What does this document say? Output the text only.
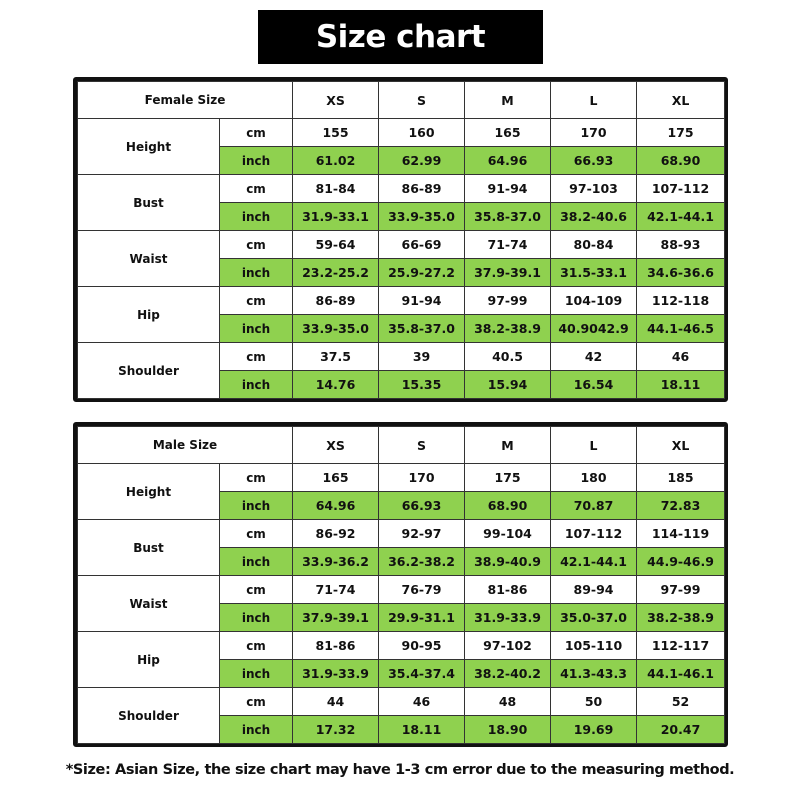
Size chart
Female Size		XS	S	M	L	XL
Height	cm	155	160	165	170	175
	inch	61.02	62.99	64.96	66.93	68.90
Bust	cm	81-84	86-89	91-94	97-103	107-112
	inch	31.9-33.1	33.9-35.0	35.8-37.0	38.2-40.6	42.1-44.1
Waist	cm	59-64	66-69	71-74	80-84	88-93
	inch	23.2-25.2	25.9-27.2	37.9-39.1	31.5-33.1	34.6-36.6
Hip	cm	86-89	91-94	97-99	104-109	112-118
	inch	33.9-35.0	35.8-37.0	38.2-38.9	40.9042.9	44.1-46.5
Shoulder	cm	37.5	39	40.5	42	46
	inch	14.76	15.35	15.94	16.54	18.11
Male Size		XS	S	M	L	XL
Height	cm	165	170	175	180	185
	inch	64.96	66.93	68.90	70.87	72.83
Bust	cm	86-92	92-97	99-104	107-112	114-119
	inch	33.9-36.2	36.2-38.2	38.9-40.9	42.1-44.1	44.9-46.9
Waist	cm	71-74	76-79	81-86	89-94	97-99
	inch	37.9-39.1	29.9-31.1	31.9-33.9	35.0-37.0	38.2-38.9
Hip	cm	81-86	90-95	97-102	105-110	112-117
	inch	31.9-33.9	35.4-37.4	38.2-40.2	41.3-43.3	44.1-46.1
Shoulder	cm	44	46	48	50	52
	inch	17.32	18.11	18.90	19.69	20.47
*Size: Asian Size, the size chart may have 1-3 cm error due to the measuring method.
